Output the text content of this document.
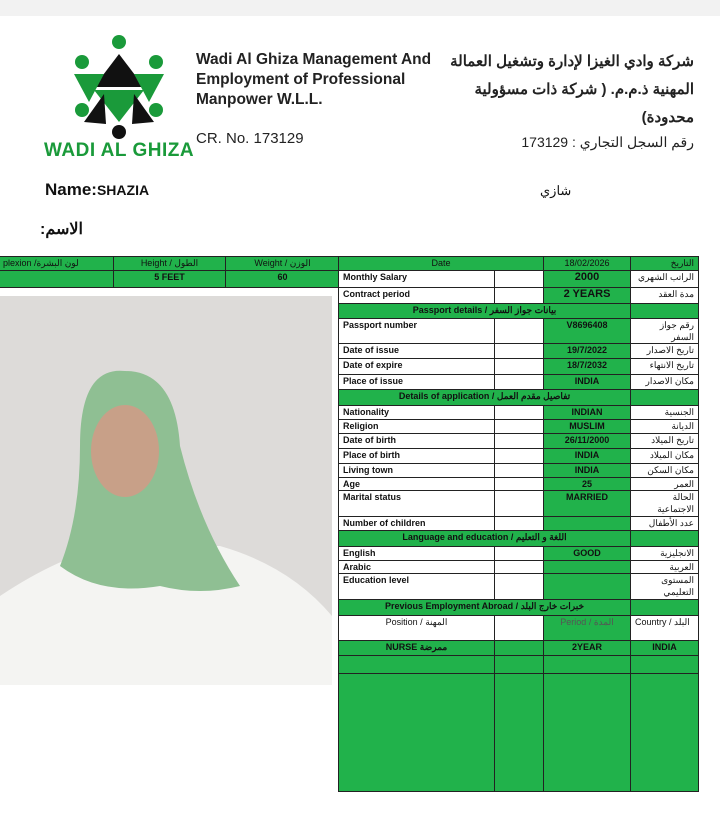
WADI AL GHIZA
Wadi Al Ghiza Management And
Employment of Professional
Manpower W.L.L.
CR. No. 173129
شركة وادي الغيزا لإدارة وتشغيل العمالة المهنية ذ.م.م. ( شركة ذات مسؤولية محدودة)
رقم السجل التجاري : 173129
Name:SHAZIA	شازي
الاسم:
plexion /لون البشرة	Height / الطول	Weight / الوزن
	5 FEET	60
Date		18/02/2026	التاريخ
Monthly Salary		2000	الراتب الشهري
Contract period		2 YEARS	مدة العقد
Passport details / بيانات جواز السفر			
Passport number		V8696408	رقم جواز السفر
Date of issue		19/7/2022	تاريخ الاصدار
Date of expire		18/7/2032	تاريخ الانتهاء
Place of issue		INDIA	مكان الاصدار
Details of application / تفاصيل مقدم العمل			
Nationality		INDIAN	الجنسية
Religion		MUSLIM	الديانة
Date of birth		26/11/2000	تاريخ الميلاد
Place of birth		INDIA	مكان الميلاد
Living town		INDIA	مكان السكن
Age		25	العمر
Marital status		MARRIED	الحالة الاجتماعية
Number of children			عدد الأطفال
Language and education / اللغة و التعليم			
English		GOOD	الانجليزية
Arabic			العربية
Education level			المستوى التعليمي
Previous Employment Abroad / خبرات خارج البلد			
Position / المهنة		Period / المدة	Country / البلد
NURSE ممرضة		2YEAR	INDIA
